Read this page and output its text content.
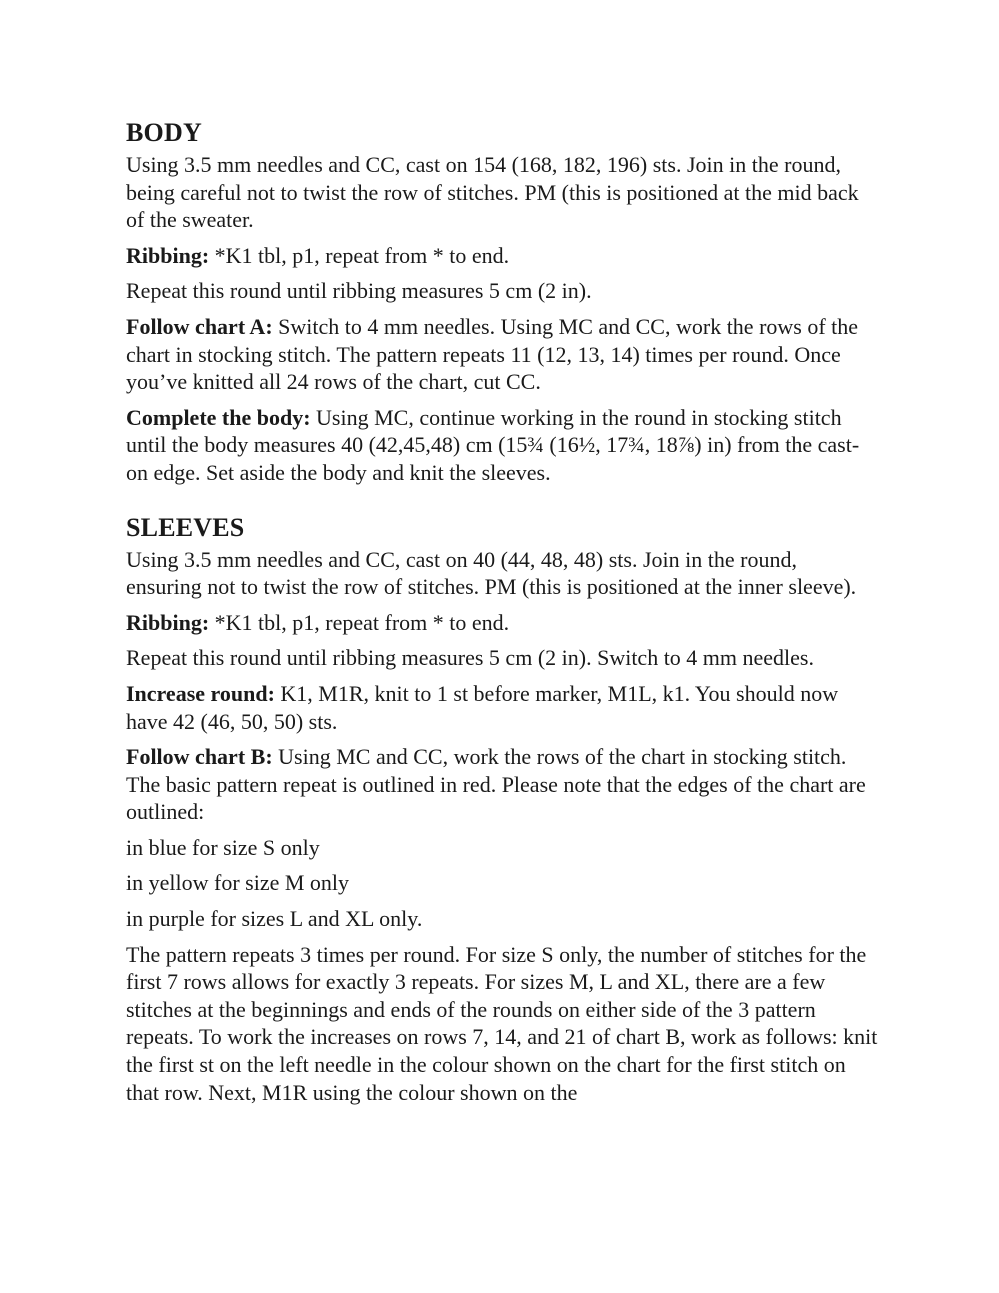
BODY

Using 3.5 mm needles and CC, cast on 154 (168, 182, 196) sts. Join in the round, being careful not to twist the row of stitches. PM (this is positioned at the mid back of the sweater.

Ribbing: *K1 tbl, p1, repeat from * to end.

Repeat this round until ribbing measures 5 cm (2 in).

Follow chart A: Switch to 4 mm needles. Using MC and CC, work the rows of the chart in stocking stitch. The pattern repeats 11 (12, 13, 14) times per round. Once you’ve knitted all 24 rows of the chart, cut CC.

Complete the body: Using MC, continue working in the round in stocking stitch until the body measures 40 (42,45,48) cm (15¾ (16½, 17¾, 18⅞) in) from the cast-on edge. Set aside the body and knit the sleeves.

SLEEVES

Using 3.5 mm needles and CC, cast on 40 (44, 48, 48) sts. Join in the round, ensuring not to twist the row of stitches. PM (this is positioned at the inner sleeve).

Ribbing: *K1 tbl, p1, repeat from * to end.

Repeat this round until ribbing measures 5 cm (2 in). Switch to 4 mm needles.

Increase round: K1, M1R, knit to 1 st before marker, M1L, k1. You should now have 42 (46, 50, 50) sts.

Follow chart B: Using MC and CC, work the rows of the chart in stocking stitch. The basic pattern repeat is outlined in red. Please note that the edges of the chart are outlined:

in blue for size S only

in yellow for size M only

in purple for sizes L and XL only.

The pattern repeats 3 times per round. For size S only, the number of stitches for the first 7 rows allows for exactly 3 repeats. For sizes M, L and XL, there are a few stitches at the beginnings and ends of the rounds on either side of the 3 pattern repeats. To work the increases on rows 7, 14, and 21 of chart B, work as follows: knit the first st on the left needle in the colour shown on the chart for the first stitch on that row. Next, M1R using the colour shown on the
